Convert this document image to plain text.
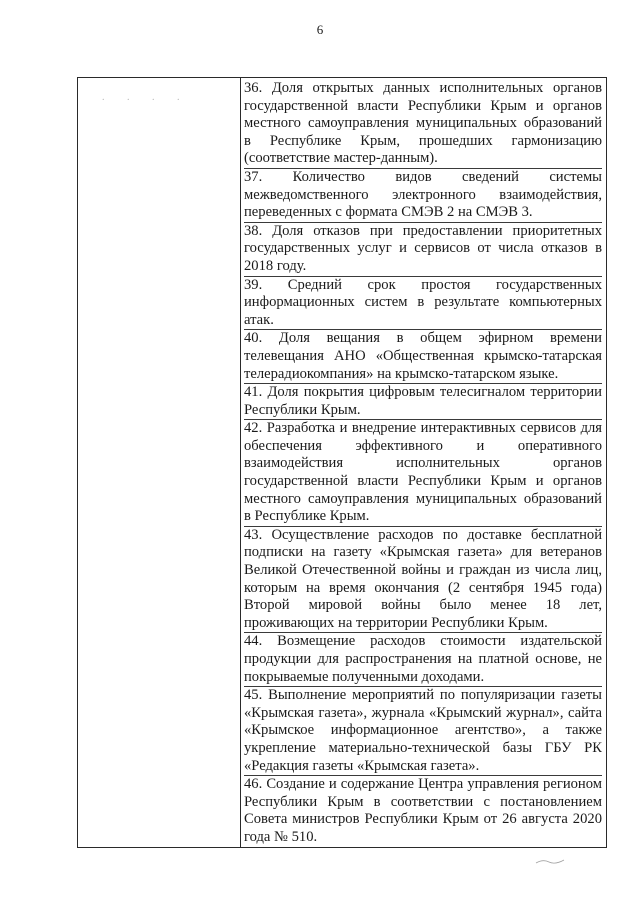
6
. . . .

36. Доля открытых данных исполнительных органов государственной власти Республики Крым и органов местного самоуправления муниципальных образований в Республике Крым, прошедших гармонизацию (соответствие мастер-данным).

37. Количество видов сведений системы межведомственного электронного взаимодействия, переведенных с формата СМЭВ 2 на СМЭВ 3.

38. Доля отказов при предоставлении приоритетных государственных услуг и сервисов от числа отказов в 2018 году.

39. Средний срок простоя государственных информационных систем в результате компьютерных атак.

40. Доля вещания в общем эфирном времени телевещания АНО «Общественная крымско-татарская телерадиокомпания» на крымско-татарском языке.

41. Доля покрытия цифровым телесигналом территории Республики Крым.

42. Разработка и внедрение интерактивных сервисов для обеспечения эффективного и оперативного взаимодействия исполнительных органов государственной власти Республики Крым и органов местного самоуправления муниципальных образований в Республике Крым.

43. Осуществление расходов по доставке бесплатной подписки на газету «Крымская газета» для ветеранов Великой Отечественной войны и граждан из числа лиц, которым на время окончания (2 сентября 1945 года) Второй мировой войны было менее 18 лет, проживающих на территории Республики Крым.

44. Возмещение расходов стоимости издательской продукции для распространения на платной основе, не покрываемые полученными доходами.

45. Выполнение мероприятий по популяризации газеты «Крымская газета», журнала «Крымский журнал», сайта «Крымское информационное агентство», а также укрепление материально-технической базы ГБУ РК «Редакция газеты «Крымская газета».

46. Создание и содержание Центра управления регионом Республики Крым в соответствии с постановлением Совета министров Республики Крым от 26 августа 2020 года № 510.
